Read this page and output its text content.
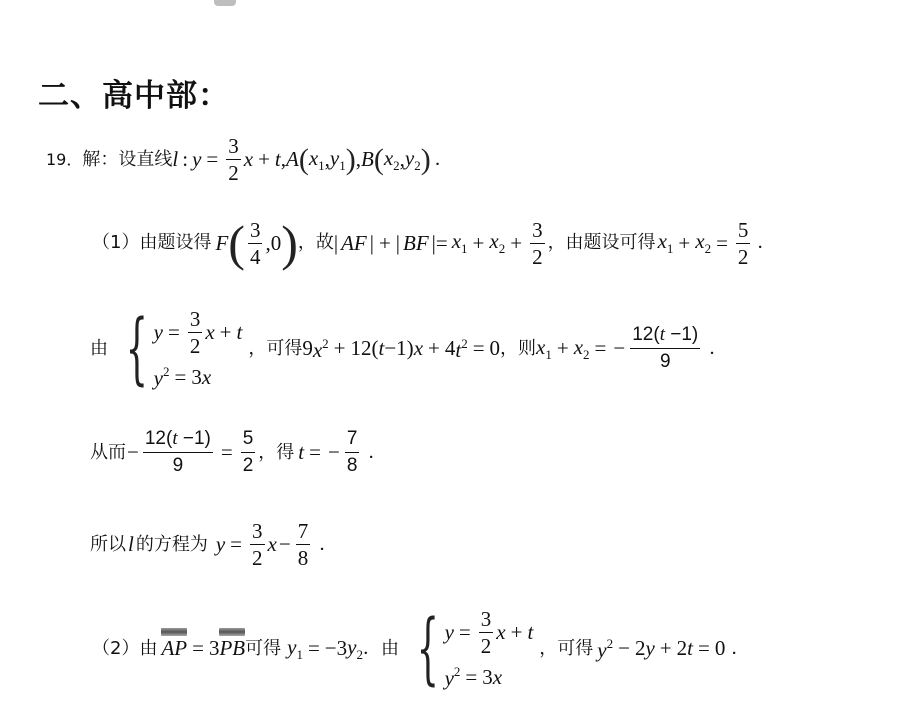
二、高中部：
19． 解：设直线 l : $y = \frac{3}{2}$ x + t , A ( $x_1$ , $y_1$ ) , B ( $x_2$ , $y_2$ ) ．
（1）由题设得 F ( $\frac{3}{4} ,0$ ) ，故 | AF | + | BF |= $x_1 + x_2 + \frac{3}{2}$ ，由题设可得 $x_1 + x_2 = \frac{5}{2}$ ．
由 { $y = \frac{3}{2}$ x + t
$y^2 = 3$ x
，可得 9 $x^2 + 12$( t −1) x + 4 $t^2 = 0$ ，则 $x_1 + x_2$ = − $\frac{12(t -1)}{9}$ ．
从而 − $\frac{12(t -1)}{9} = \frac{5}{2}$ ，得 t = − $\frac{7}{8}$ ．
所以 l 的方程为 $y = \frac{3}{2}$ $x - \frac{7}{8}$ ．
（2）由 AP = 3 PB 可得 $y_1 = -3$ $y_2$ ．由 { $y = \frac{3}{2}$ x + t
$y^2 = 3$ x
，可得 $y^2 - 2$ y + 2 t = 0 ．
